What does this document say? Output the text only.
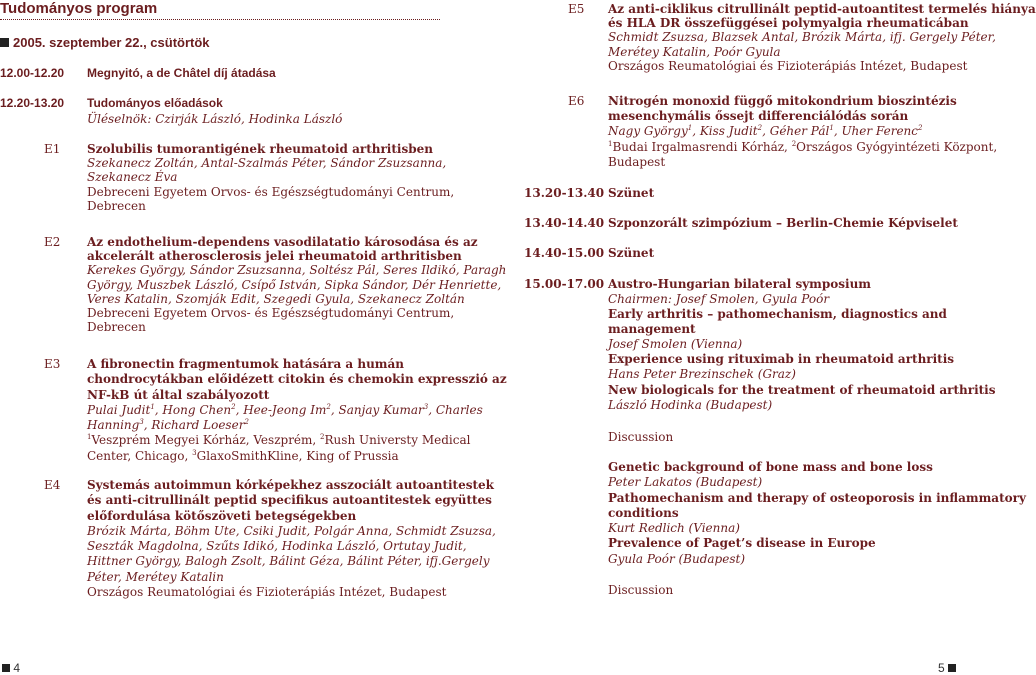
Tudományos program
2005. szeptember 22., csütörtök
12.00-12.20	Megnyitó, a de Châtel díj átadása
12.20-13.20	Tudományos előadások
Üléselnök: Czirják László, Hodinka László
E1 Szolubilis tumorantigének rheumatoid arthritisben
Szekanecz Zoltán, Antal-Szalmás Péter, Sándor Zsuzsanna,
Szekanecz Éva
Debreceni Egyetem Orvos- és Egészségtudományi Centrum,
Debrecen
E2 Az endothelium-dependens vasodilatatio károsodása és az
akcelerált atherosclerosis jelei rheumatoid arthritisben
Kerekes György, Sándor Zsuzsanna, Soltész Pál, Seres Ildikó, Paragh
György, Muszbek László, Csípő István, Sipka Sándor, Dér Henriette,
Veres Katalin, Szomják Edit, Szegedi Gyula, Szekanecz Zoltán
Debreceni Egyetem Orvos- és Egészségtudományi Centrum,
Debrecen
E3 A fibronectin fragmentumok hatására a humán
chondrocytákban előidézett citokin és chemokin expresszió az
NF-kB út által szabályozott
Pulai Judit$^1$, Hong Chen$^2$, Hee-Jeong Im$^2$, Sanjay Kumar$^3$, Charles
Hanning$^3$, Richard Loeser$^2$
$^1$Veszprém Megyei Kórház, Veszprém, $^2$Rush Universty Medical
Center, Chicago, $^3$GlaxoSmithKline, King of Prussia
E4 Systemás autoimmun kórképekhez asszociált autoantitestek
és anti-citrullinált peptid specifikus autoantitestek együttes
előfordulása kötőszöveti betegségekben
Brózik Márta, Böhm Ute, Csiki Judit, Polgár Anna, Schmidt Zsuzsa,
Seszták Magdolna, Szűts Idikó, Hodinka László, Ortutay Judit,
Hittner György, Balogh Zsolt, Bálint Géza, Bálint Péter, ifj.Gergely
Péter, Merétey Katalin
Országos Reumatológiai és Fizioterápiás Intézet, Budapest
E5 Az anti-ciklikus citrullinált peptid-autoantitest termelés hiánya
és HLA DR összefüggései polymyalgia rheumaticában
Schmidt Zsuzsa, Blazsek Antal, Brózik Márta, ifj. Gergely Péter,
Merétey Katalin, Poór Gyula
Országos Reumatológiai és Fizioterápiás Intézet, Budapest
E6 Nitrogén monoxid függő mitokondrium bioszintézis
mesenchymális őssejt differenciálódás során
Nagy György$^1$, Kiss Judit$^2$, Géher Pál$^1$, Uher Ferenc$^2$
$^1$Budai Irgalmasrendi Kórház, $^2$Országos Gyógyintézeti Központ,
Budapest
13.20-13.40 Szünet
13.40-14.40 Szponzorált szimpózium – Berlin-Chemie Képviselet
14.40-15.00 Szünet
15.00-17.00 Austro-Hungarian bilateral symposium
Chairmen: Josef Smolen, Gyula Poór
Early arthritis – pathomechanism, diagnostics and
management
Josef Smolen (Vienna)
Experience using rituximab in rheumatoid arthritis
Hans Peter Brezinschek (Graz)
New biologicals for the treatment of rheumatoid arthritis
László Hodinka (Budapest)
Discussion
Genetic background of bone mass and bone loss
Peter Lakatos (Budapest)
Pathomechanism and therapy of osteoporosis in inflammatory
conditions
Kurt Redlich (Vienna)
Prevalence of Paget’s disease in Europe
Gyula Poór (Budapest)
Discussion
4	5
